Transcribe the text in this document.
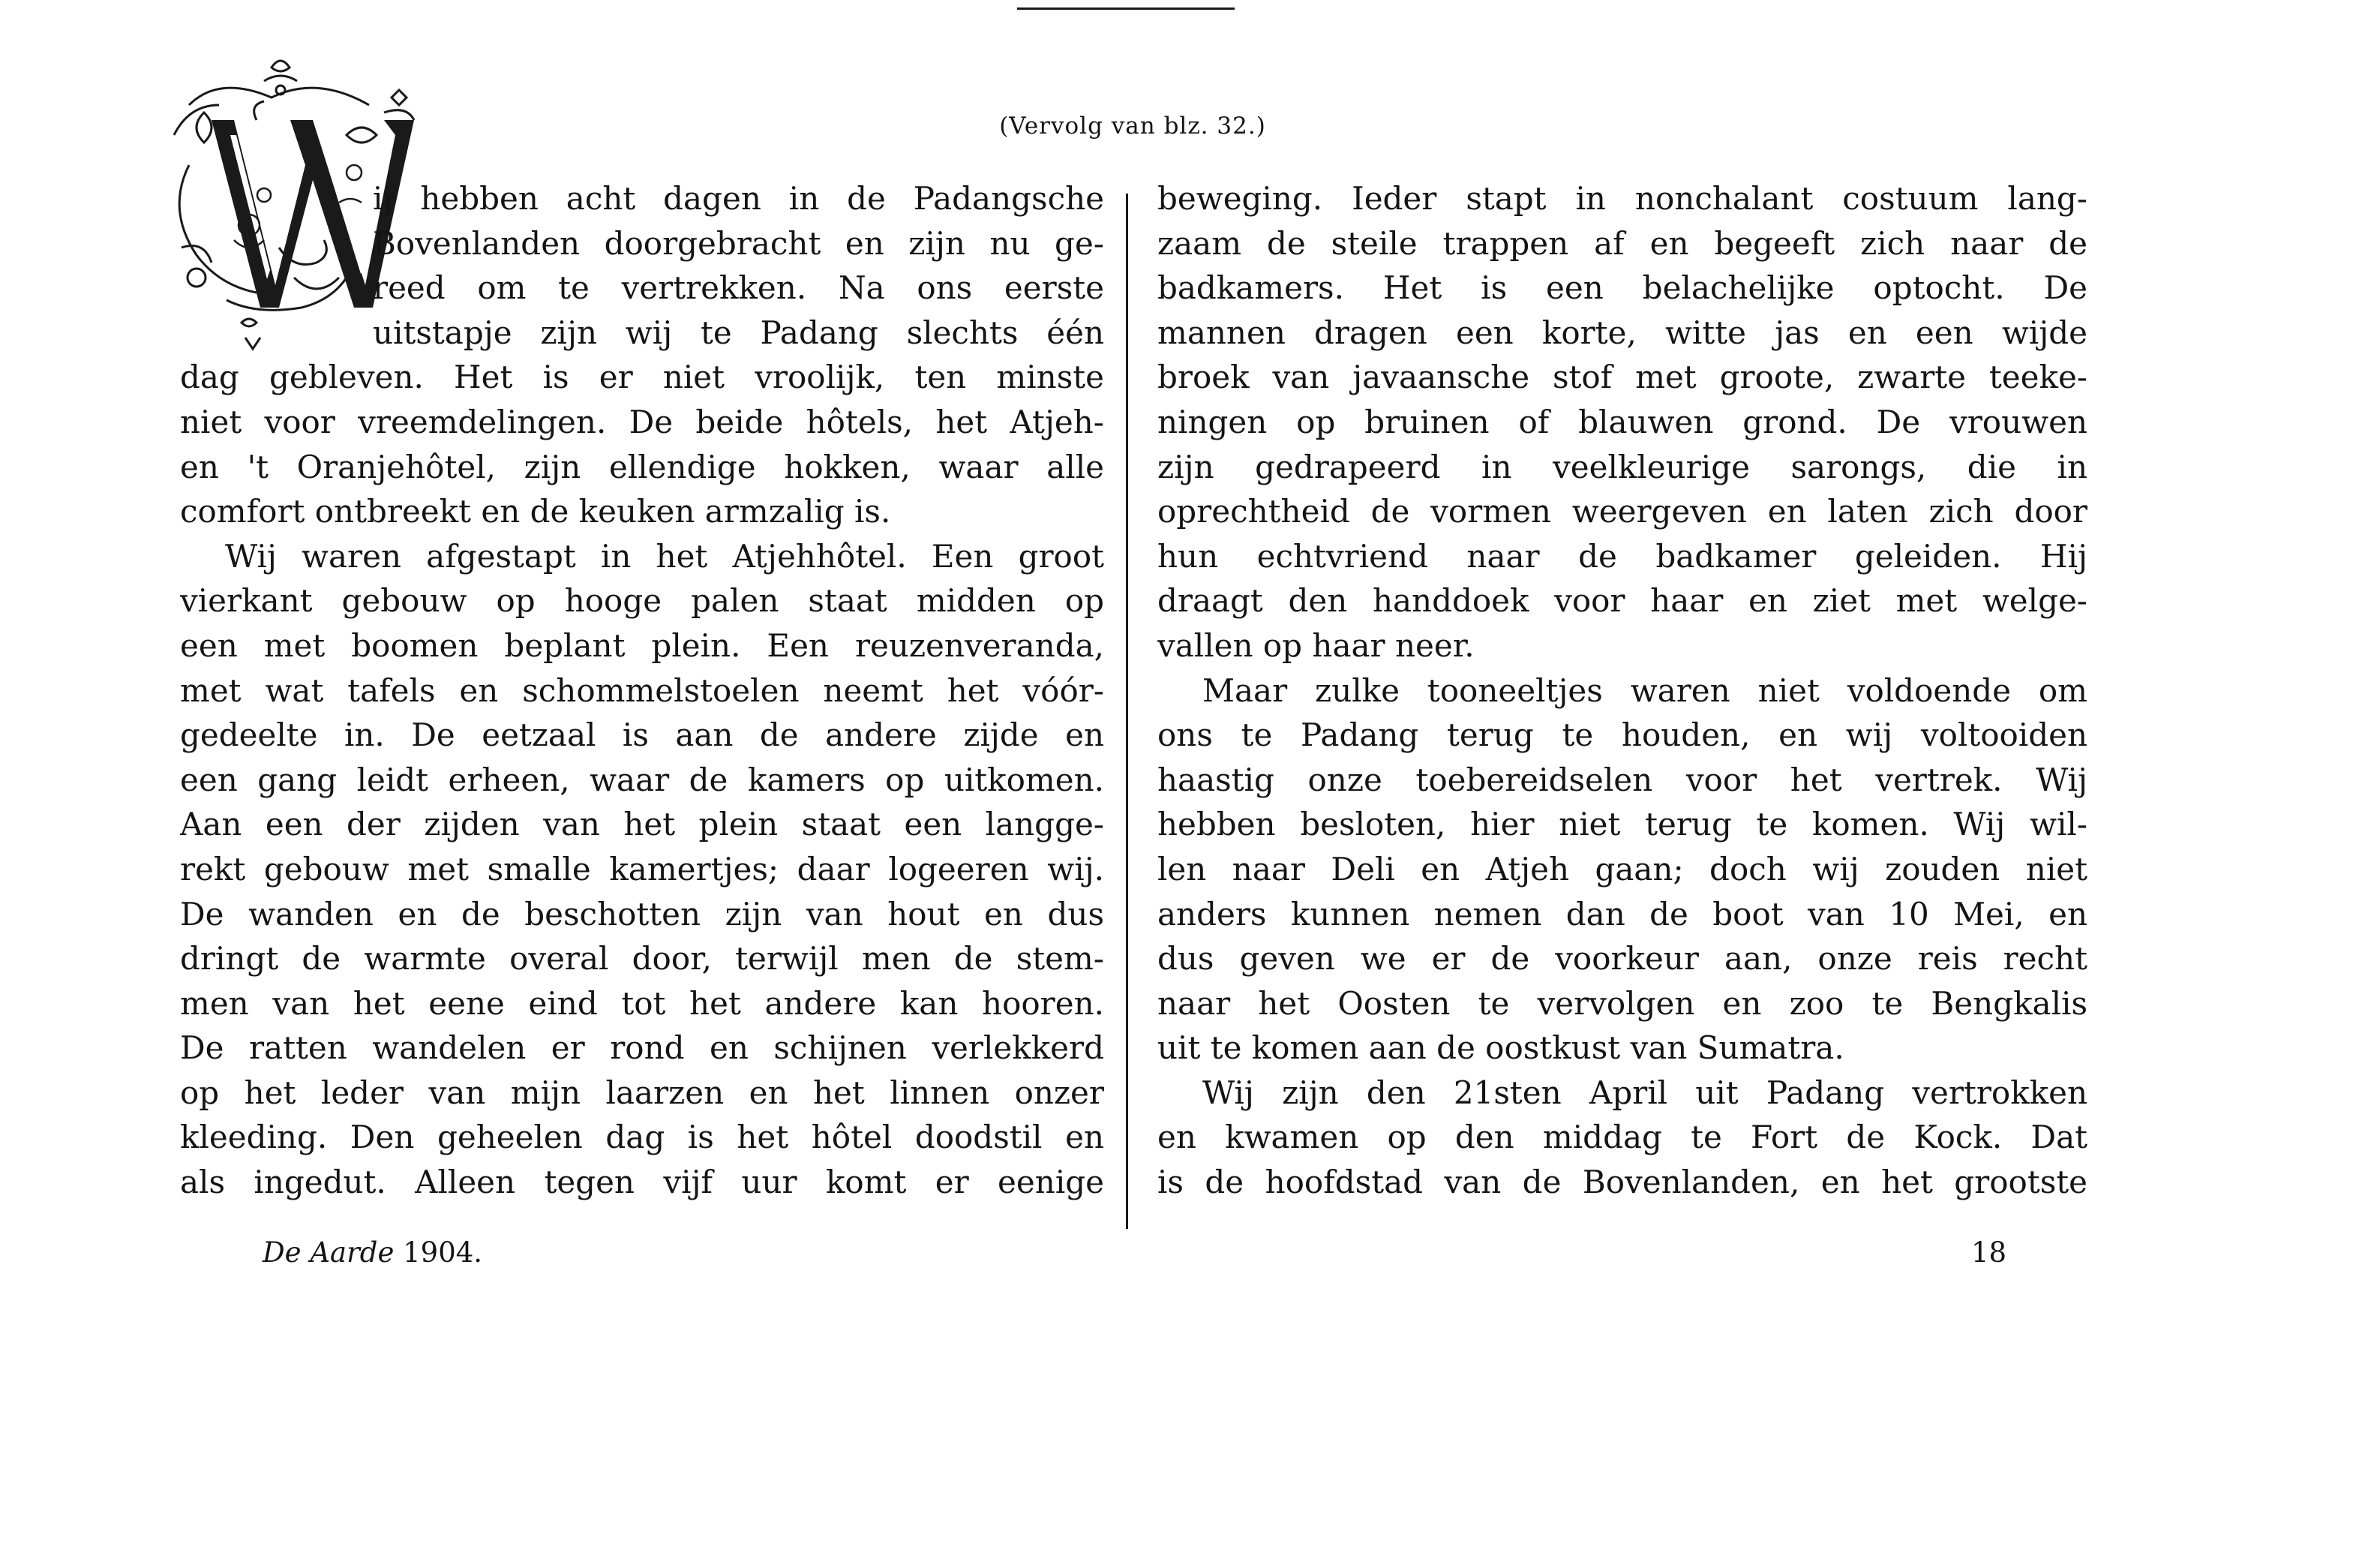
(Vervolg van blz. 32.)

ij hebben acht dagen in de Padangsche
Bovenlanden doorgebracht en zijn nu ge-
reed om te vertrekken. Na ons eerste
uitstapje zijn wij te Padang slechts één
dag gebleven. Het is er niet vroolijk, ten minste
niet voor vreemdelingen. De beide hôtels, het Atjeh-
en 't Oranjehôtel, zijn ellendige hokken, waar alle
comfort ontbreekt en de keuken armzalig is.

Wij waren afgestapt in het Atjehhôtel. Een groot
vierkant gebouw op hooge palen staat midden op
een met boomen beplant plein. Een reuzenveranda,
met wat tafels en schommelstoelen neemt het vóór-
gedeelte in. De eetzaal is aan de andere zijde en
een gang leidt erheen, waar de kamers op uitkomen.
Aan een der zijden van het plein staat een langge-
rekt gebouw met smalle kamertjes; daar logeeren wij.
De wanden en de beschotten zijn van hout en dus
dringt de warmte overal door, terwijl men de stem-
men van het eene eind tot het andere kan hooren.
De ratten wandelen er rond en schijnen verlekkerd
op het leder van mijn laarzen en het linnen onzer
kleeding. Den geheelen dag is het hôtel doodstil en
als ingedut. Alleen tegen vijf uur komt er eenige

beweging. Ieder stapt in nonchalant costuum lang-
zaam de steile trappen af en begeeft zich naar de
badkamers. Het is een belachelijke optocht. De
mannen dragen een korte, witte jas en een wijde
broek van javaansche stof met groote, zwarte teeke-
ningen op bruinen of blauwen grond. De vrouwen
zijn gedrapeerd in veelkleurige sarongs, die in
oprechtheid de vormen weergeven en laten zich door
hun echtvriend naar de badkamer geleiden. Hij
draagt den handdoek voor haar en ziet met welge-
vallen op haar neer.

Maar zulke tooneeltjes waren niet voldoende om
ons te Padang terug te houden, en wij voltooiden
haastig onze toebereidselen voor het vertrek. Wij
hebben besloten, hier niet terug te komen. Wij wil-
len naar Deli en Atjeh gaan; doch wij zouden niet
anders kunnen nemen dan de boot van 10 Mei, en
dus geven we er de voorkeur aan, onze reis recht
naar het Oosten te vervolgen en zoo te Bengkalis
uit te komen aan de oostkust van Sumatra.

Wij zijn den 21sten April uit Padang vertrokken
en kwamen op den middag te Fort de Kock. Dat
is de hoofdstad van de Bovenlanden, en het grootste

De Aarde 1904.	18
